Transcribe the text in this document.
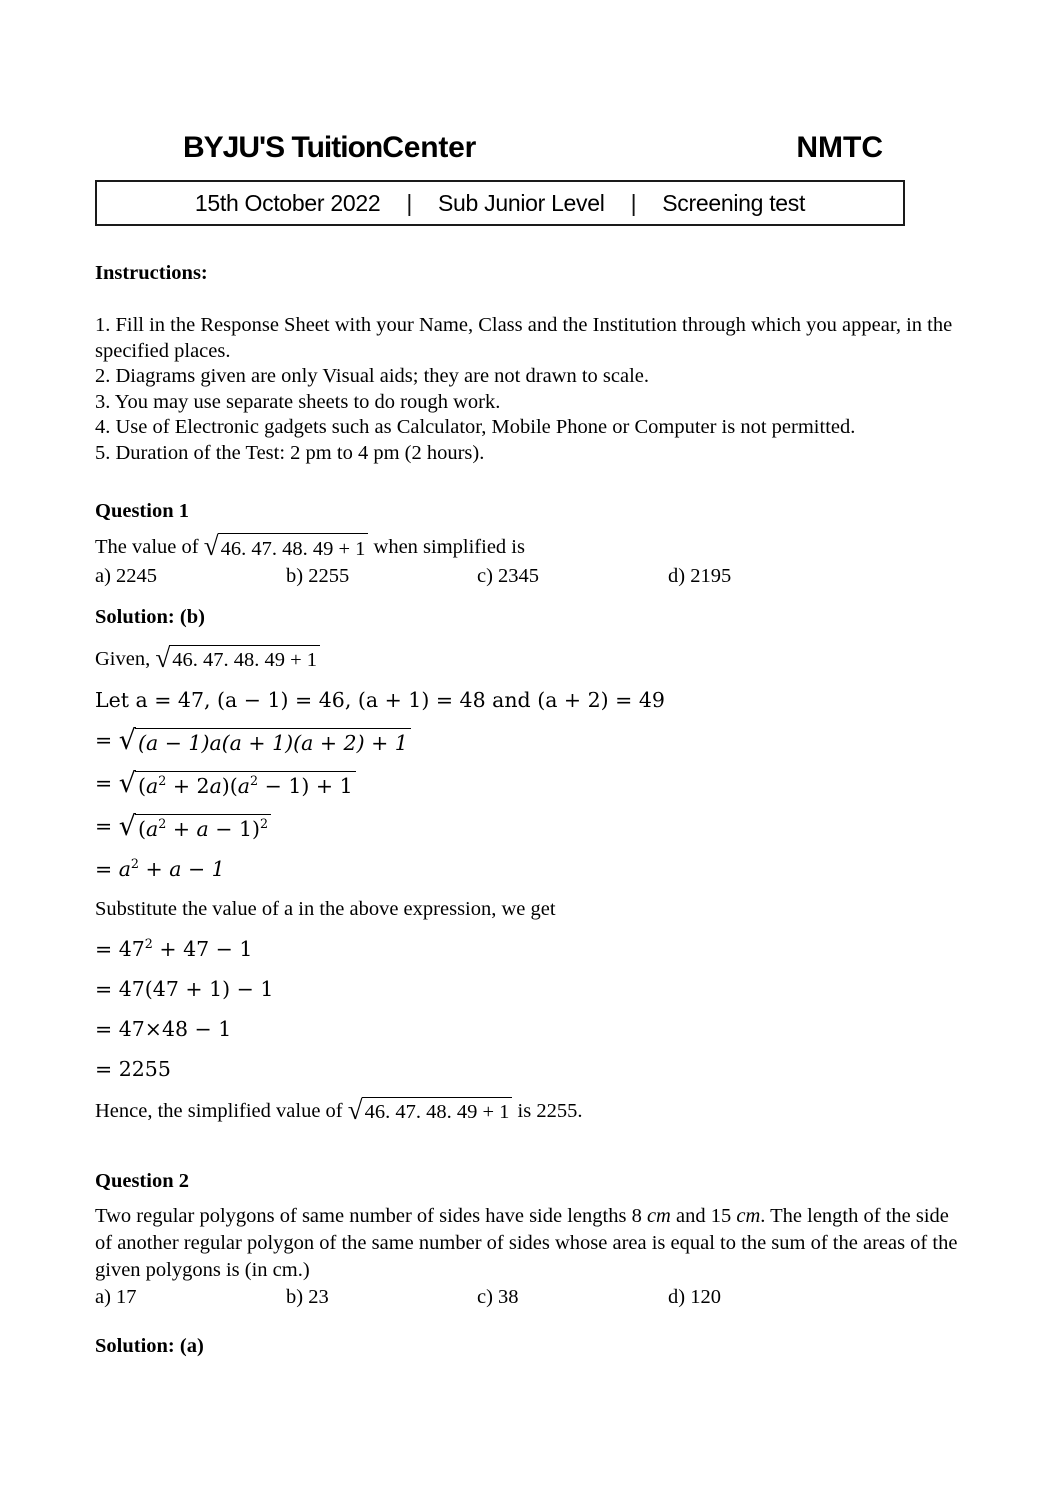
BYJU'S TuitionCenter	NMTC
15th October 2022	|	Sub Junior Level	|	Screening test
Instructions:

1. Fill in the Response Sheet with your Name, Class and the Institution through which you appear, in the specified places.

2. Diagrams given are only Visual aids; they are not drawn to scale.

3. You may use separate sheets to do rough work.

4. Use of Electronic gadgets such as Calculator, Mobile Phone or Computer is not permitted.

5. Duration of the Test: 2 pm to 4 pm (2 hours).

Question 1

The value of √ 46. 47. 48. 49 + 1 when simplified is

a) 2245	b) 2255	c) 2345	d) 2195
Solution: (b)

Given, √ 46. 47. 48. 49 + 1

Let a = 47, (a − 1) = 46, (a + 1) = 48 and (a + 2) = 49

= √ (a − 1)a(a + 1)(a + 2) + 1

= √ $(a^2 + 2a)(a^2 - 1) + 1$

= √ $(a^2 + a - 1)^2$

= $a^2 + a - 1$

Substitute the value of a in the above expression, we get

= $47^2 + 47 - 1$

= 47(47 + 1) − 1

= 47×48 − 1

= 2255

Hence, the simplified value of √ 46. 47. 48. 49 + 1 is 2255.

Question 2

Two regular polygons of same number of sides have side lengths 8 cm and 15 cm. The length of the side of another regular polygon of the same number of sides whose area is equal to the sum of the areas of the given polygons is (in cm.)

a) 17	b) 23	c) 38	d) 120
Solution: (a)
